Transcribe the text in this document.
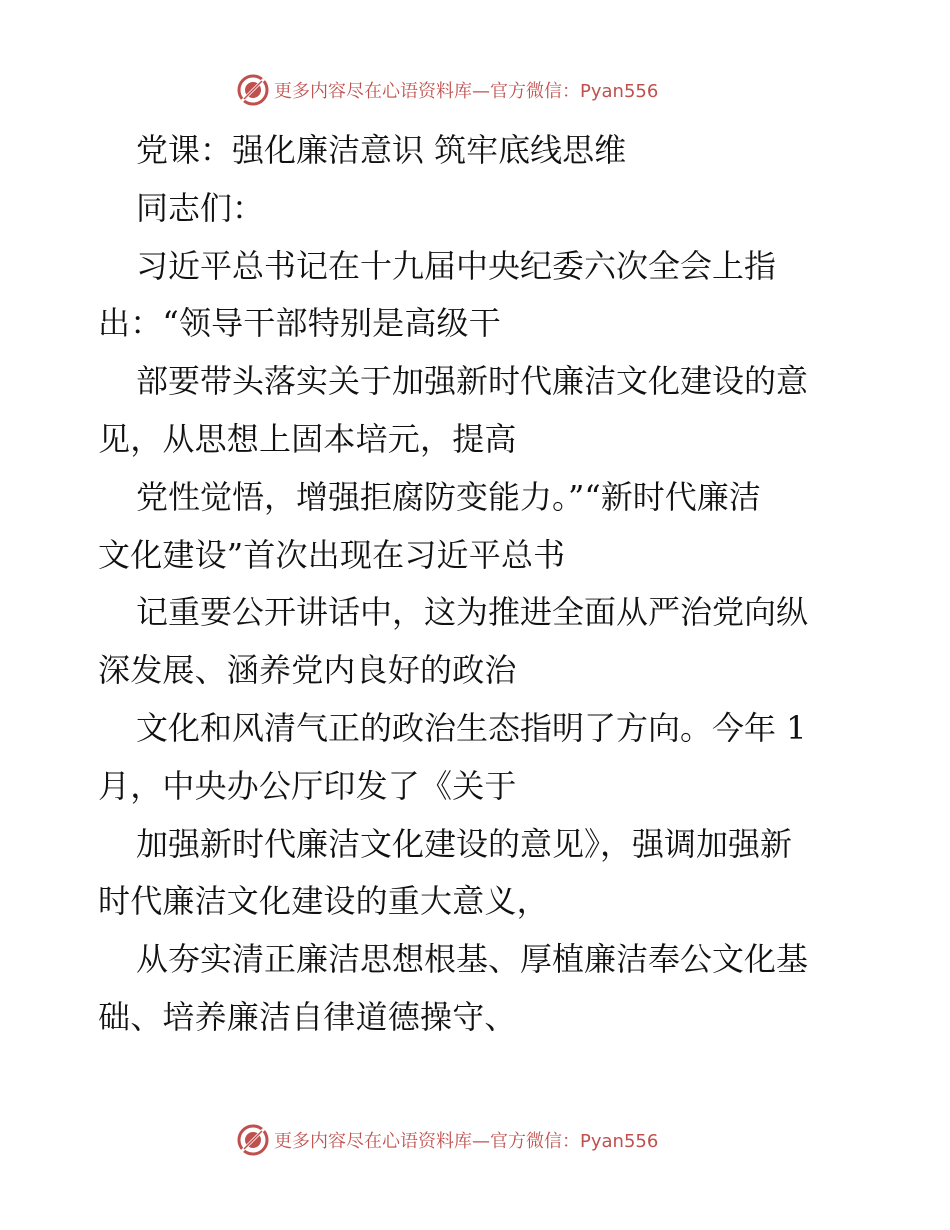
更多内容尽在心语资料库—官方微信：Pyan556
党课：强化廉洁意识 筑牢底线思维
同志们：
习近平总书记在十九届中央纪委六次全会上指
出：“领导干部特别是高级干
部要带头落实关于加强新时代廉洁文化建设的意
见，从思想上固本培元，提高
党性觉悟，增强拒腐防变能力。”“新时代廉洁
文化建设”首次出现在习近平总书
记重要公开讲话中，这为推进全面从严治党向纵
深发展、涵养党内良好的政治
文化和风清气正的政治生态指明了方向。今年 1
月，中央办公厅印发了《关于
加强新时代廉洁文化建设的意见》，强调加强新
时代廉洁文化建设的重大意义，
从夯实清正廉洁思想根基、厚植廉洁奉公文化基
础、培养廉洁自律道德操守、
更多内容尽在心语资料库—官方微信：Pyan556
